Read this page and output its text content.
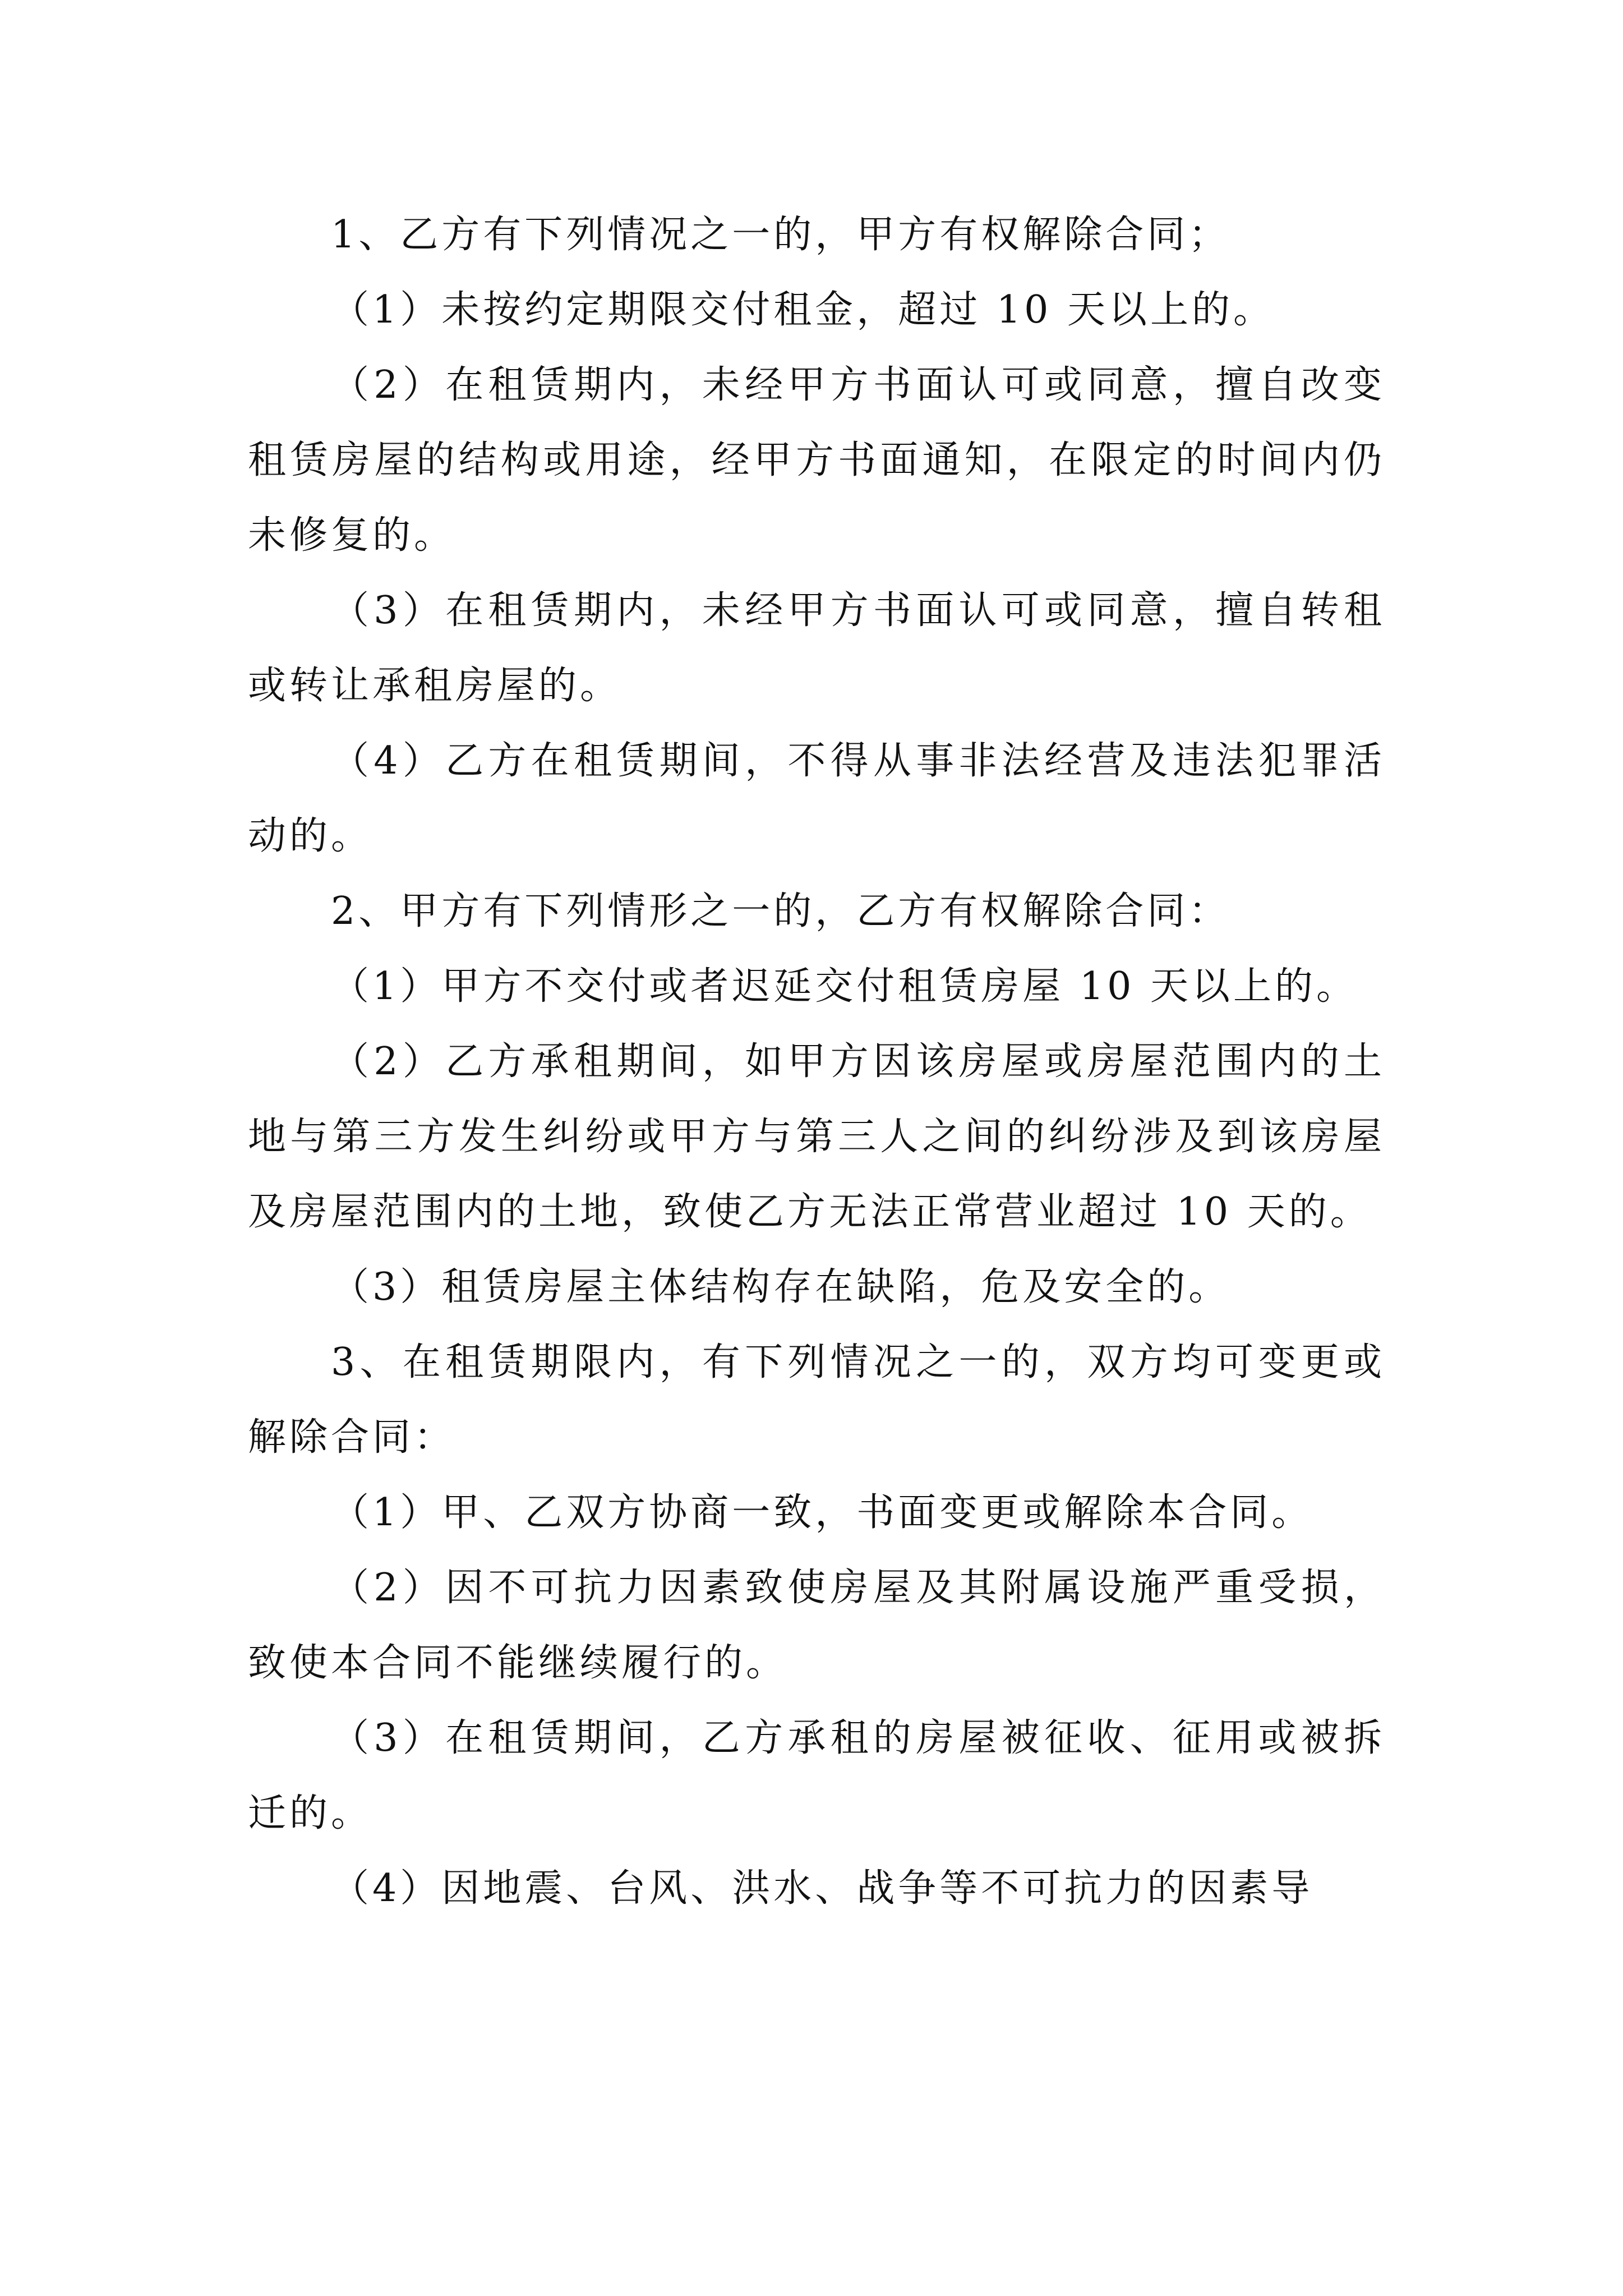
1、乙方有下列情况之一的，甲方有权解除合同；

（1）未按约定期限交付租金，超过 10 天以上的。

（2）在租赁期内，未经甲方书面认可或同意，擅自改变租赁房屋的结构或用途，经甲方书面通知，在限定的时间内仍未修复的。

（3）在租赁期内，未经甲方书面认可或同意，擅自转租或转让承租房屋的。

（4）乙方在租赁期间，不得从事非法经营及违法犯罪活动的。

2、甲方有下列情形之一的，乙方有权解除合同：

（1）甲方不交付或者迟延交付租赁房屋 10 天以上的。

（2）乙方承租期间，如甲方因该房屋或房屋范围内的土地与第三方发生纠纷或甲方与第三人之间的纠纷涉及到该房屋及房屋范围内的土地，致使乙方无法正常营业超过 10 天的。

（3）租赁房屋主体结构存在缺陷，危及安全的。

3、在租赁期限内，有下列情况之一的，双方均可变更或解除合同：

（1）甲、乙双方协商一致，书面变更或解除本合同。

（2）因不可抗力因素致使房屋及其附属设施严重受损，致使本合同不能继续履行的。

（3）在租赁期间，乙方承租的房屋被征收、征用或被拆迁的。

（4）因地震、台风、洪水、战争等不可抗力的因素导
